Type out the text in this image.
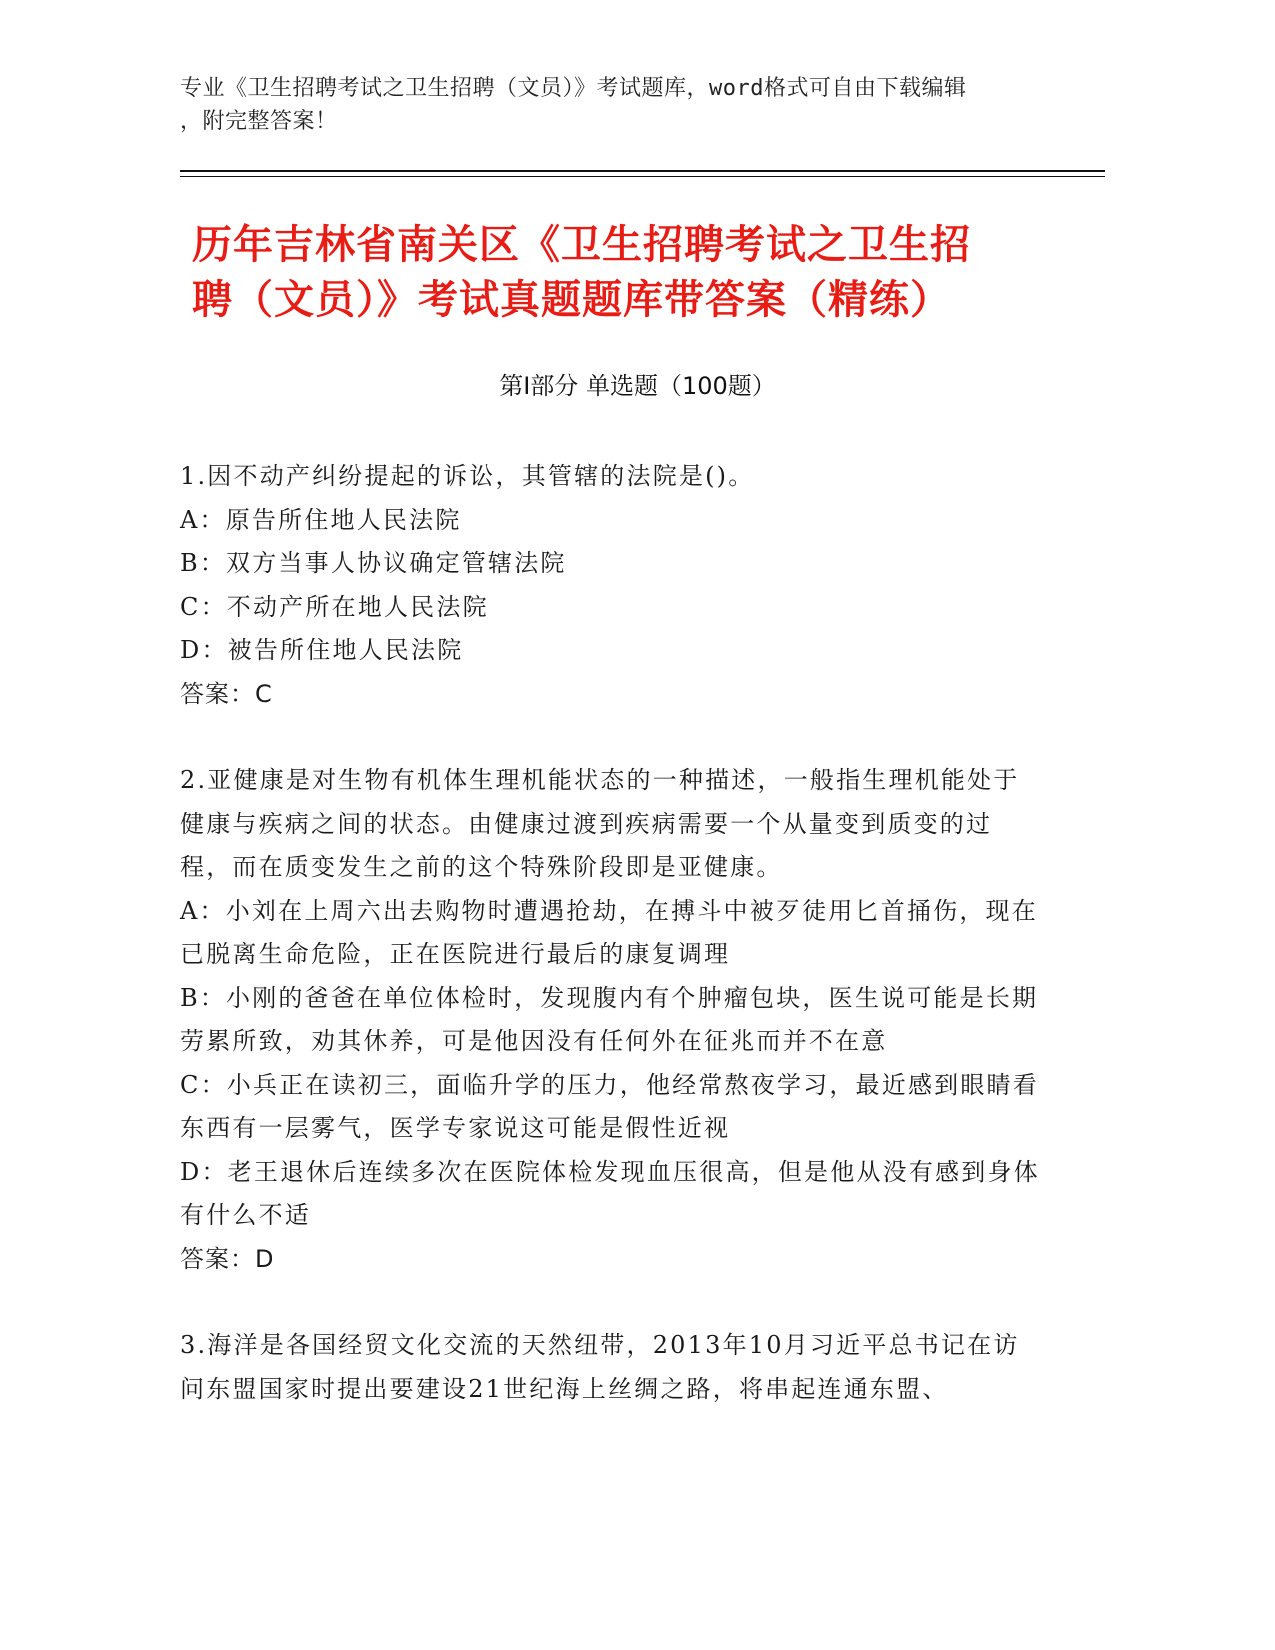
专业《卫生招聘考试之卫生招聘（文员）》考试题库，word格式可自由下载编辑
，附完整答案！
历年吉林省南关区《卫生招聘考试之卫生招
聘（文员）》考试真题题库带答案（精练）
第Ⅰ部分 单选题（100题）

1.因不动产纠纷提起的诉讼，其管辖的法院是()。

A：原告所住地人民法院

B：双方当事人协议确定管辖法院

C：不动产所在地人民法院

D：被告所住地人民法院

答案：C

2.亚健康是对生物有机体生理机能状态的一种描述，一般指生理机能处于健康与疾病之间的状态。由健康过渡到疾病需要一个从量变到质变的过程，而在质变发生之前的这个特殊阶段即是亚健康。

A：小刘在上周六出去购物时遭遇抢劫，在搏斗中被歹徒用匕首捅伤，现在已脱离生命危险，正在医院进行最后的康复调理

B：小刚的爸爸在单位体检时，发现腹内有个肿瘤包块，医生说可能是长期劳累所致，劝其休养，可是他因没有任何外在征兆而并不在意

C：小兵正在读初三，面临升学的压力，他经常熬夜学习，最近感到眼睛看东西有一层雾气，医学专家说这可能是假性近视

D：老王退休后连续多次在医院体检发现血压很高，但是他从没有感到身体有什么不适

答案：D

3.海洋是各国经贸文化交流的天然纽带，2013年10月习近平总书记在访问东盟国家时提出要建设21世纪海上丝绸之路，将串起连通东盟、
